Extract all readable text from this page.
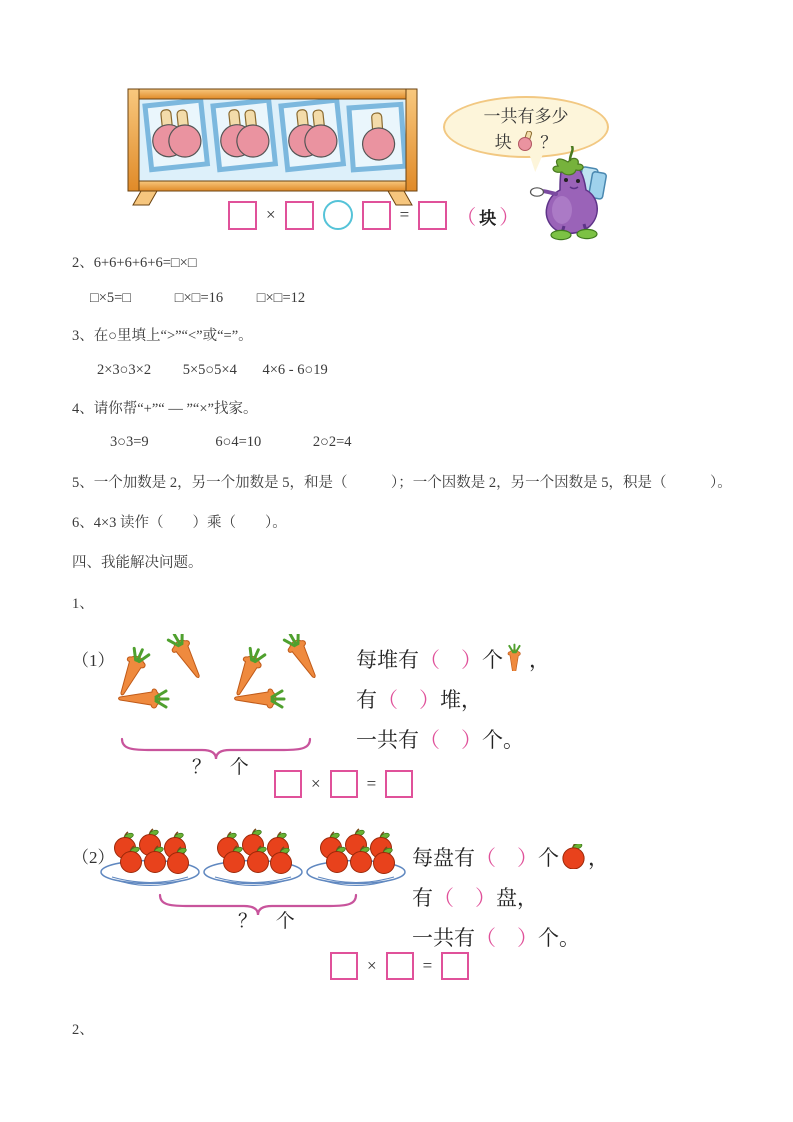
一共有多少
块 ？
×	= （ 块 ）
2、6+6+6+6+6=□×□
□×5=□	□×□=16 □×□=12
3、在○里填上“>”“<”或“=”。
2×3○3×2 5×5○5×4 4×6 - 6○19
4、请你帮“+”“ — ”“×”找家。
3○3=9	6○4=10	2○2=4
5、一个加数是 2，另一个加数是 5，和是（　　　）；一个因数是 2，另一个因数是 5，积是（　　　）。
6、4×3 读作（　　）乘（　　）。
四、我能解决问题。
1、
（1）
？ 个
每堆有（　）个 ，
有（　）堆，
一共有（　）个。
×	=
（2）
？ 个
每盘有（　）个 ，
有（　）盘，
一共有（　）个。
×	=
2、
